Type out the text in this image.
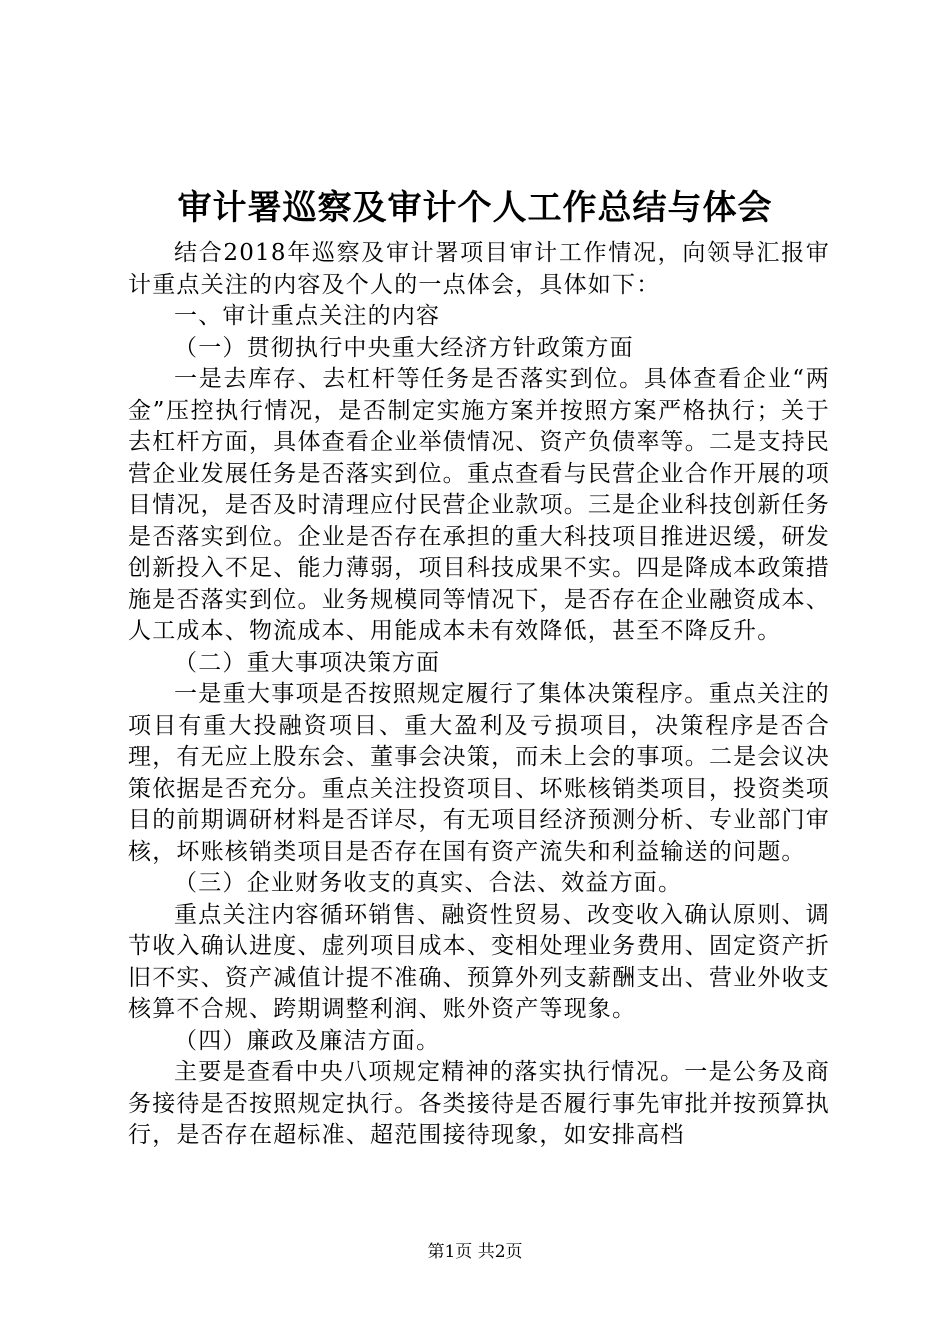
审计署巡察及审计个人工作总结与体会

结合2018年巡察及审计署项目审计工作情况，向领导汇报审计重点关注的内容及个人的一点体会，具体如下：

一、审计重点关注的内容

（一）贯彻执行中央重大经济方针政策方面

一是去库存、去杠杆等任务是否落实到位。具体查看企业“两金”压控执行情况，是否制定实施方案并按照方案严格执行；关于去杠杆方面，具体查看企业举债情况、资产负债率等。二是支持民营企业发展任务是否落实到位。重点查看与民营企业合作开展的项目情况，是否及时清理应付民营企业款项。三是企业科技创新任务是否落实到位。企业是否存在承担的重大科技项目推进迟缓，研发创新投入不足、能力薄弱，项目科技成果不实。四是降成本政策措施是否落实到位。业务规模同等情况下，是否存在企业融资成本、人工成本、物流成本、用能成本未有效降低，甚至不降反升。

（二）重大事项决策方面

一是重大事项是否按照规定履行了集体决策程序。重点关注的项目有重大投融资项目、重大盈利及亏损项目，决策程序是否合理，有无应上股东会、董事会决策，而未上会的事项。二是会议决策依据是否充分。重点关注投资项目、坏账核销类项目，投资类项目的前期调研材料是否详尽，有无项目经济预测分析、专业部门审核，坏账核销类项目是否存在国有资产流失和利益输送的问题。

（三）企业财务收支的真实、合法、效益方面。

重点关注内容循环销售、融资性贸易、改变收入确认原则、调节收入确认进度、虚列项目成本、变相处理业务费用、固定资产折旧不实、资产减值计提不准确、预算外列支薪酬支出、营业外收支核算不合规、跨期调整利润、账外资产等现象。

（四）廉政及廉洁方面。

主要是查看中央八项规定精神的落实执行情况。一是公务及商务接待是否按照规定执行。各类接待是否履行事先审批并按预算执行，是否存在超标准、超范围接待现象，如安排高档

第1页 共2页
